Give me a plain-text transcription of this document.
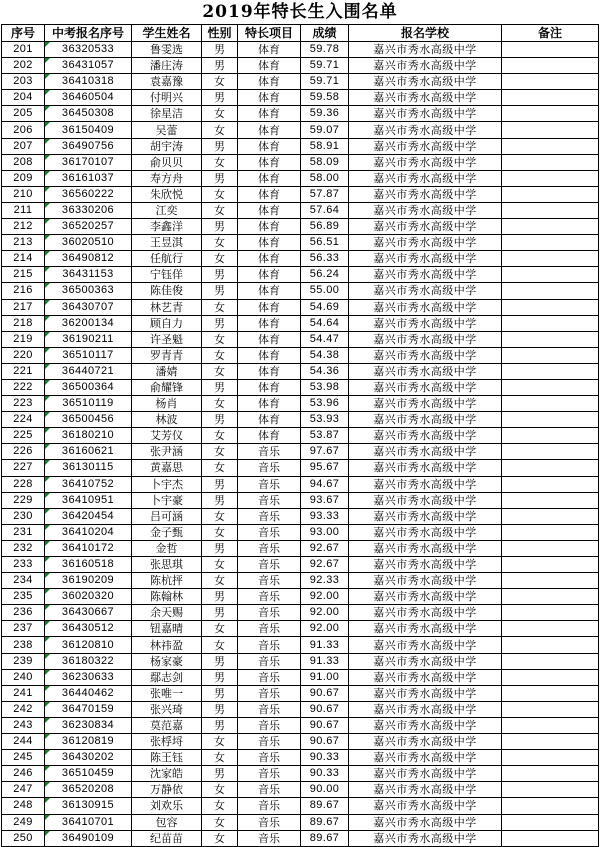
2019年特长生入围名单
序号	中考报名序号	学生姓名	性别	特长项目	成绩	报名学校	备注
201	36320533	鲁雯选	男	体育	59.78	嘉兴市秀水高级中学	
202	36431057	潘庄涛	男	体育	59.71	嘉兴市秀水高级中学	
203	36410318	袁嘉豫	女	体育	59.71	嘉兴市秀水高级中学	
204	36460504	付明兴	男	体育	59.58	嘉兴市秀水高级中学	
205	36450308	徐星洁	女	体育	59.36	嘉兴市秀水高级中学	
206	36150409	吴蕾	女	体育	59.07	嘉兴市秀水高级中学	
207	36490756	胡宇涛	男	体育	58.91	嘉兴市秀水高级中学	
208	36170107	俞贝贝	女	体育	58.09	嘉兴市秀水高级中学	
209	36161037	寿方舟	男	体育	58.00	嘉兴市秀水高级中学	
210	36560222	朱欣悦	女	体育	57.87	嘉兴市秀水高级中学	
211	36330206	江奕	女	体育	57.64	嘉兴市秀水高级中学	
212	36520257	李鑫洋	男	体育	56.89	嘉兴市秀水高级中学	
213	36020510	王昱淇	女	体育	56.51	嘉兴市秀水高级中学	
214	36490812	任航行	女	体育	56.33	嘉兴市秀水高级中学	
215	36431153	宁钰佯	男	体育	56.24	嘉兴市秀水高级中学	
216	36500363	陈佳俊	男	体育	55.00	嘉兴市秀水高级中学	
217	36430707	林艺青	女	体育	54.69	嘉兴市秀水高级中学	
218	36200134	顾自力	男	体育	54.64	嘉兴市秀水高级中学	
219	36190211	许圣魁	女	体育	54.47	嘉兴市秀水高级中学	
220	36510117	罗青青	女	体育	54.38	嘉兴市秀水高级中学	
221	36440721	潘婧	女	体育	54.36	嘉兴市秀水高级中学	
222	36500364	俞耀锋	男	体育	53.98	嘉兴市秀水高级中学	
223	36510119	杨肖	女	体育	53.96	嘉兴市秀水高级中学	
224	36500456	林波	男	体育	53.93	嘉兴市秀水高级中学	
225	36180210	艾芳仪	女	体育	53.87	嘉兴市秀水高级中学	
226	36160621	张尹涵	女	音乐	97.67	嘉兴市秀水高级中学	
227	36130115	黄嘉思	女	音乐	95.67	嘉兴市秀水高级中学	
228	36410752	卜宇杰	男	音乐	94.67	嘉兴市秀水高级中学	
229	36410951	卜宇豪	男	音乐	93.67	嘉兴市秀水高级中学	
230	36420454	吕可涵	女	音乐	93.33	嘉兴市秀水高级中学	
231	36410204	金子甄	女	音乐	93.00	嘉兴市秀水高级中学	
232	36410172	金哲	男	音乐	92.67	嘉兴市秀水高级中学	
233	36160518	张思琪	女	音乐	92.67	嘉兴市秀水高级中学	
234	36190209	陈杭抨	女	音乐	92.33	嘉兴市秀水高级中学	
235	36020320	陈翰林	男	音乐	92.00	嘉兴市秀水高级中学	
236	36430667	余天赐	男	音乐	92.00	嘉兴市秀水高级中学	
237	36430512	钮嘉晴	女	音乐	92.00	嘉兴市秀水高级中学	
238	36120810	林祎盈	女	音乐	91.33	嘉兴市秀水高级中学	
239	36180322	杨家豪	男	音乐	91.33	嘉兴市秀水高级中学	
240	36230633	鄢志剑	男	音乐	91.00	嘉兴市秀水高级中学	
241	36440462	张唯一	男	音乐	90.67	嘉兴市秀水高级中学	
242	36470159	张兴琦	男	音乐	90.67	嘉兴市秀水高级中学	
243	36230834	莫范嘉	男	音乐	90.67	嘉兴市秀水高级中学	
244	36120819	张桴埒	女	音乐	90.67	嘉兴市秀水高级中学	
245	36430202	陈王钰	女	音乐	90.33	嘉兴市秀水高级中学	
246	36510459	沈家皓	男	音乐	90.33	嘉兴市秀水高级中学	
247	36520208	万静依	女	音乐	90.00	嘉兴市秀水高级中学	
248	36130915	刘欢乐	女	音乐	89.67	嘉兴市秀水高级中学	
249	36410701	包容	女	音乐	89.67	嘉兴市秀水高级中学	
250	36490109	纪苗苗	女	音乐	89.67	嘉兴市秀水高级中学	
